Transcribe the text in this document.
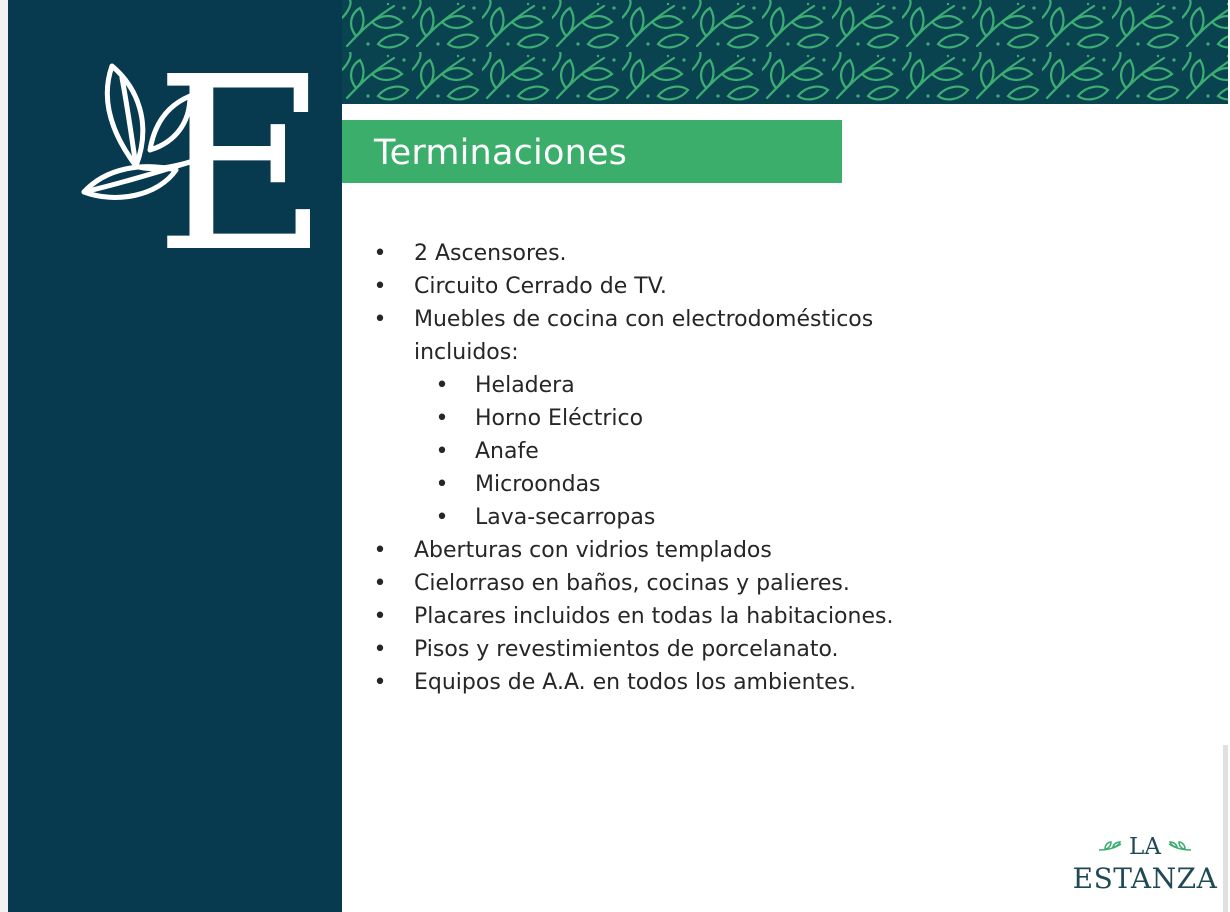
E Terminaciones
• 2 Ascensores.
• Circuito Cerrado de TV.
• Muebles de cocina con electrodomésticos incluidos:
• Heladera
• Horno Eléctrico
• Anafe
• Microondas
• Lava-secarropas
• Aberturas con vidrios templados
• Cielorraso en baños, cocinas y palieres.
• Placares incluidos en todas la habitaciones.
• Pisos y revestimientos de porcelanato.
• Equipos de A.A. en todos los ambientes.
LA
ESTANZA
